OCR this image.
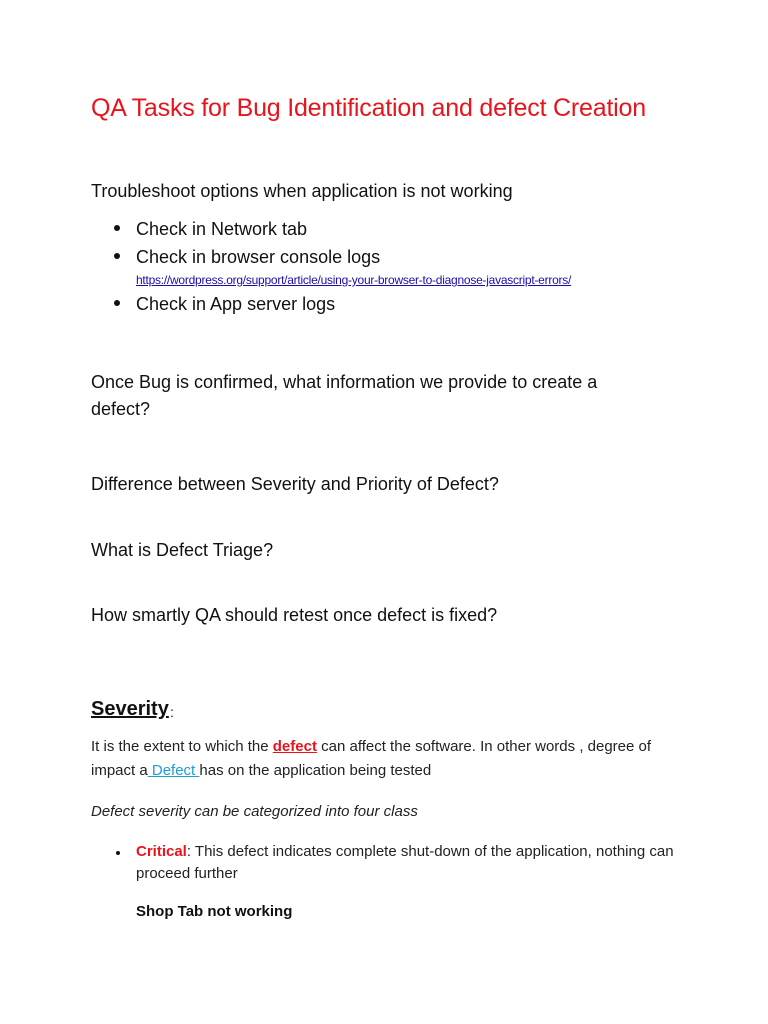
QA Tasks for Bug Identification and defect Creation
Troubleshoot options when application is not working
Check in Network tab
Check in browser console logs
https://wordpress.org/support/article/using-your-browser-to-diagnose-javascript-errors/
Check in App server logs
Once Bug is confirmed, what information we provide to create a defect?
Difference between Severity and Priority of Defect?
What is Defect Triage?
How smartly QA should retest once defect is fixed?
Severity :
It is the extent to which the defect can affect the software. In other words , degree of impact a Defect has on the application being tested
Defect severity can be categorized into four class
Critical: This defect indicates complete shut-down of the application, nothing can proceed further
Shop Tab not working
